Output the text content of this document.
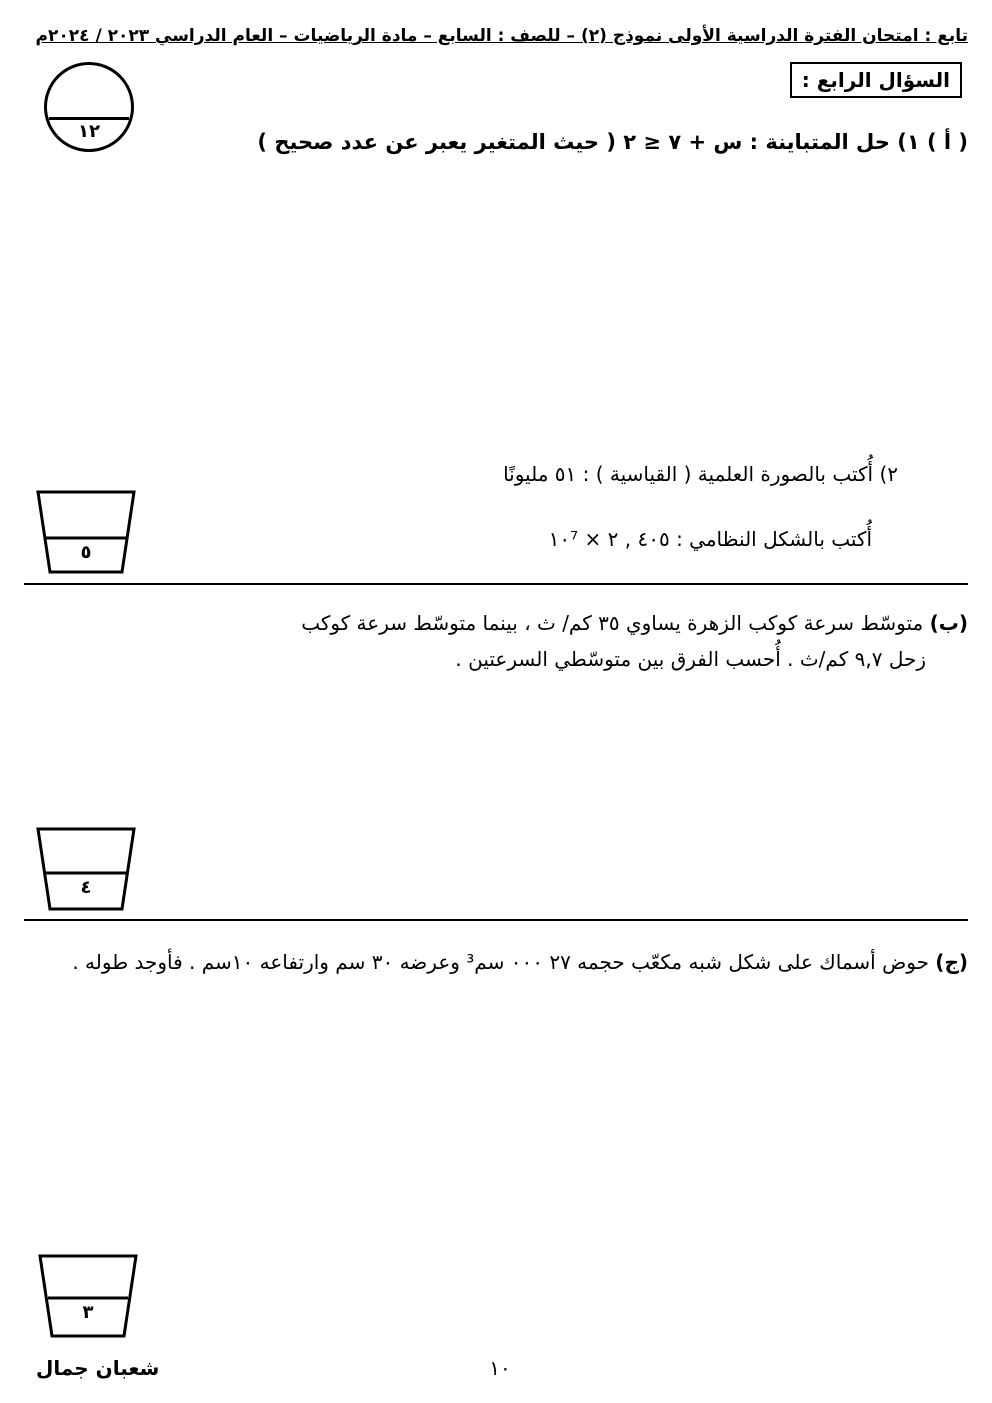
تابع : امتحان الفترة الدراسية الأولى نموذج (٢) – للصف : السابع – مادة الرياضيات – العام الدراسي ٢٠٢٣ / ٢٠٢٤م
السؤال الرابع :
١٢	( أ ) ١) حل المتباينة : س + ٧ ≤ ٢ ( حيث المتغير يعبر عن عدد صحيح )
٢) أُكتب بالصورة العلمية ( القياسية ) : ٥١ مليونًا
أُكتب بالشكل النظامي : ٤٠٥ , ٢ × ١٠⁷
٥
(ب) متوسّط سرعة كوكب الزهرة يساوي ٣٥ كم/ ث ، بينما متوسّط سرعة كوكب
زحل ٩,٧ كم/ث . أُحسب الفرق بين متوسّطي السرعتين .
٤
(ج) حوض أسماك على شكل شبه مكعّب حجمه ٢٧ ٠٠٠ سم³ وعرضه ٣٠ سم وارتفاعه ١٠سم . فأوجد طوله .
٣
شعبان جمال	١٠
